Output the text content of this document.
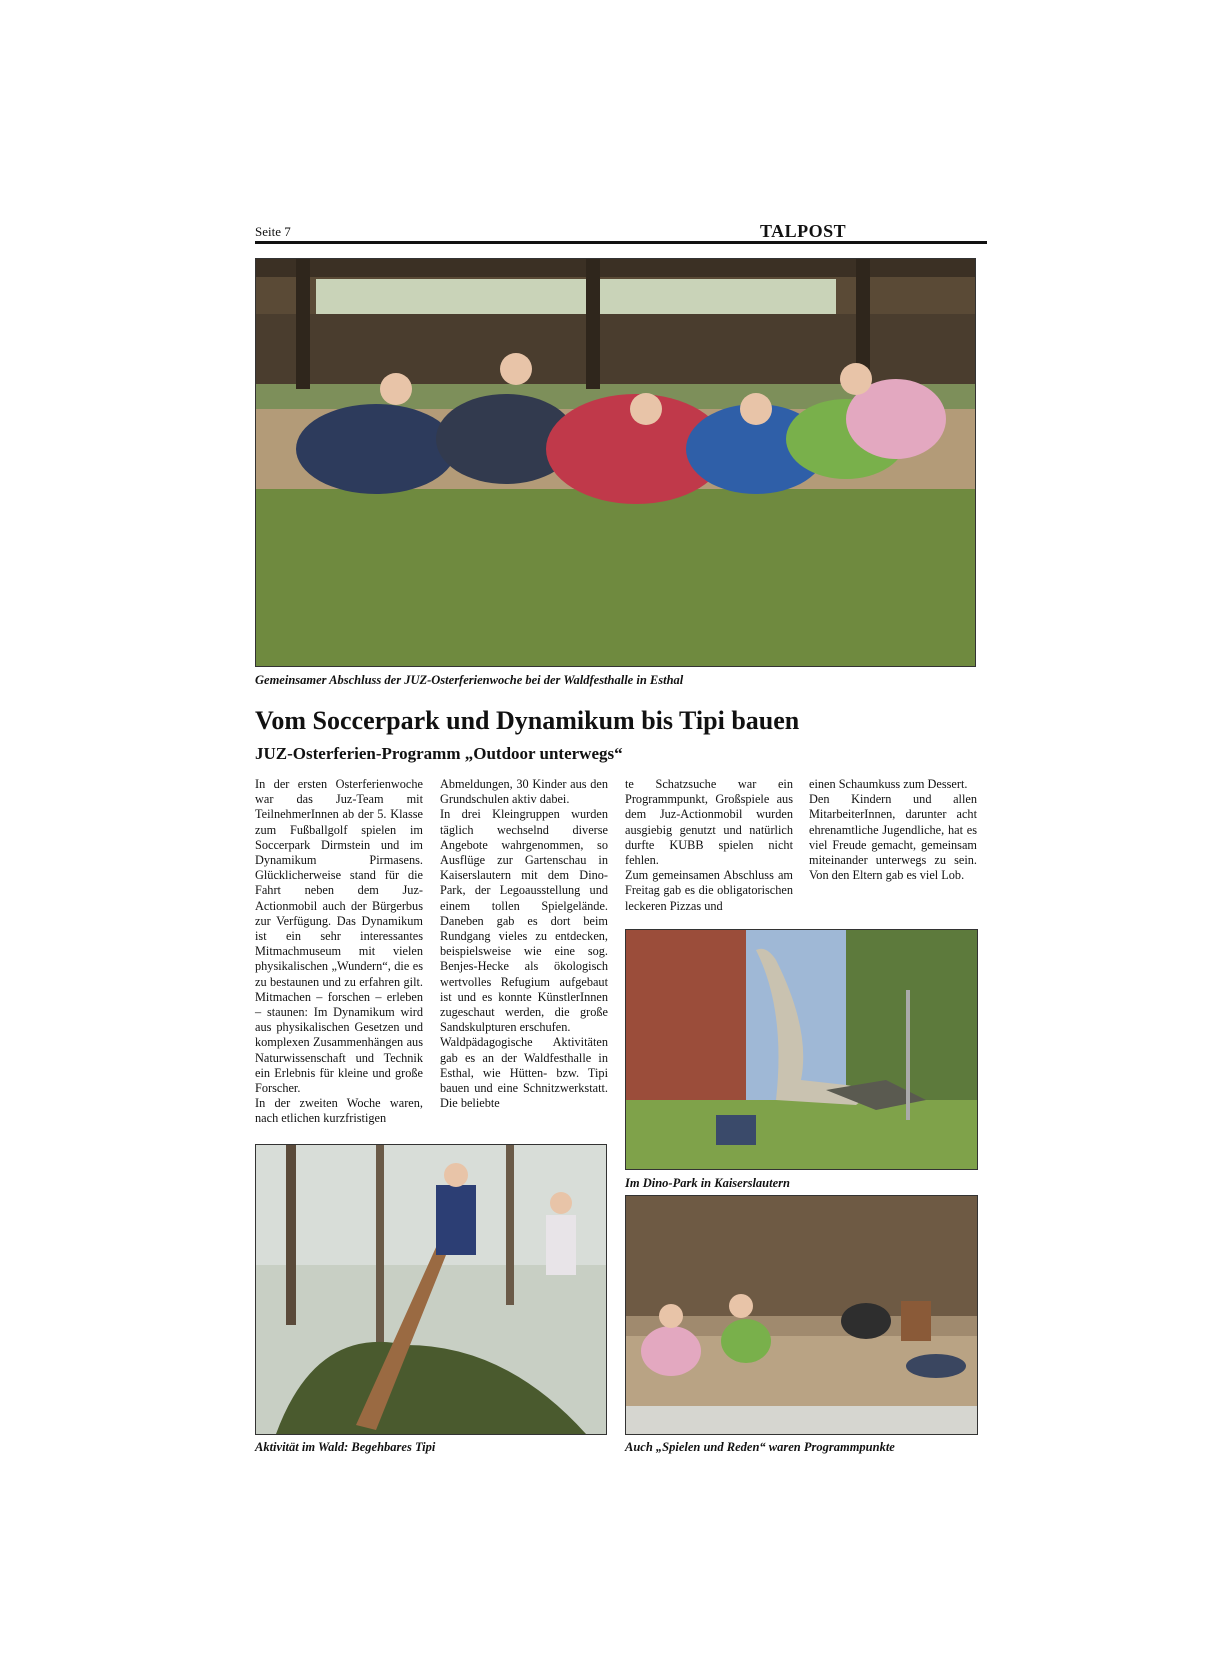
Seite 7	TALPOST
Gemeinsamer Abschluss der JUZ-Osterferienwoche bei der Waldfesthalle in Esthal
Vom Soccerpark und Dynamikum bis Tipi bauen
JUZ-Osterferien-Programm „Outdoor unterwegs“

In der ersten Osterferienwoche war das Juz-Team mit TeilnehmerInnen ab der 5. Klasse zum Fußballgolf spielen im Soccerpark Dirmstein und im Dynamikum Pirmasens. Glücklicherweise stand für die Fahrt neben dem Juz-Actionmobil auch der Bürgerbus zur Verfügung. Das Dynamikum ist ein sehr interessantes Mitmachmuseum mit vielen physikalischen „Wundern“, die es zu bestaunen und zu erfahren gilt. Mitmachen – forschen – erleben – staunen: Im Dynamikum wird aus physikalischen Gesetzen und komplexen Zusammenhängen aus Naturwissenschaft und Technik ein Erlebnis für kleine und große Forscher.

In der zweiten Woche waren, nach etlichen kurzfristigen

Abmeldungen, 30 Kinder aus den Grundschulen aktiv dabei.

In drei Kleingruppen wurden täglich wechselnd diverse Angebote wahrgenommen, so Ausflüge zur Gartenschau in Kaiserslautern mit dem Dino-Park, der Legoausstellung und einem tollen Spielgelände. Daneben gab es dort beim Rundgang vieles zu entdecken, beispielsweise wie eine sog. Benjes-Hecke als ökologisch wertvolles Refugium aufgebaut ist und es konnte KünstlerInnen zugeschaut werden, die große Sandskulpturen erschufen.

Waldpädagogische Aktivitäten gab es an der Waldfesthalle in Esthal, wie Hütten- bzw. Tipi bauen und eine Schnitzwerkstatt. Die beliebte

te Schatzsuche war ein Programmpunkt, Großspiele aus dem Juz-Actionmobil wurden ausgiebig genutzt und natürlich durfte KUBB spielen nicht fehlen.

Zum gemeinsamen Abschluss am Freitag gab es die obligatorischen leckeren Pizzas und

einen Schaumkuss zum Dessert.

Den Kindern und allen MitarbeiterInnen, darunter acht ehrenamtliche Jugendliche, hat es viel Freude gemacht, gemeinsam miteinander unterwegs zu sein. Von den Eltern gab es viel Lob.

Im Dino-Park in Kaiserslautern
Aktivität im Wald: Begehbares Tipi	Auch „Spielen und Reden“ waren Programmpunkte
